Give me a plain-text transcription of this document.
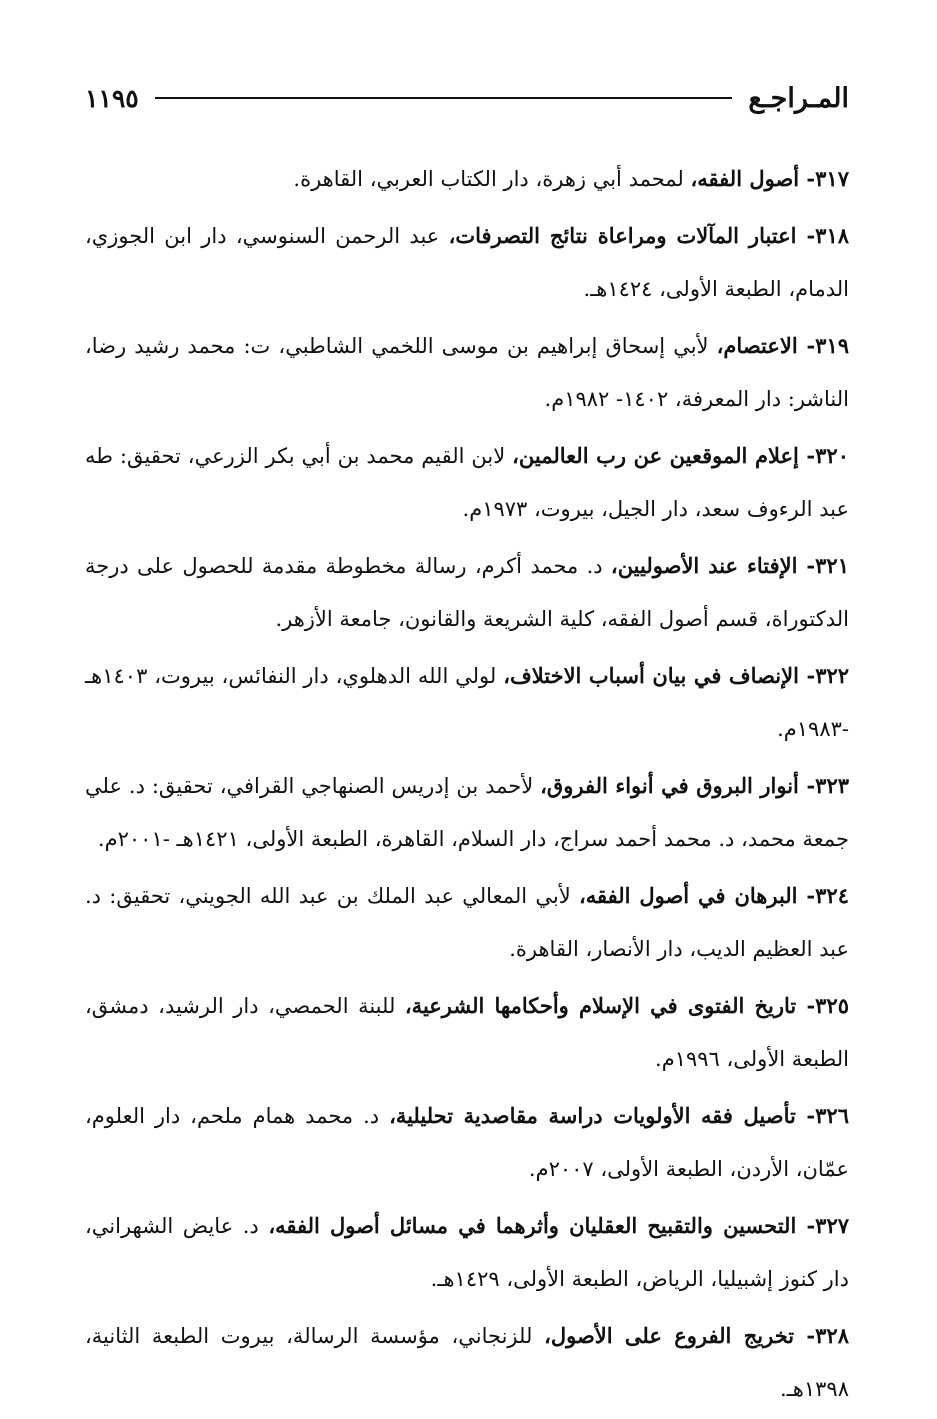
المـراجـع
١١٩٥
٣١٧- أصول الفقه، لمحمد أبي زهرة، دار الكتاب العربي، القاهرة.
٣١٨- اعتبار المآلات ومراعاة نتائج التصرفات، عبد الرحمن السنوسي، دار ابن الجوزي، الدمام، الطبعة الأولى، ١٤٢٤هـ.
٣١٩- الاعتصام، لأبي إسحاق إبراهيم بن موسى اللخمي الشاطبي، ت: محمد رشيد رضا، الناشر: دار المعرفة، ١٤٠٢- ١٩٨٢م.
٣٢٠- إعلام الموقعين عن رب العالمين، لابن القيم محمد بن أبي بكر الزرعي، تحقيق: طه عبد الرءوف سعد، دار الجيل، بيروت، ١٩٧٣م.
٣٢١- الإفتاء عند الأصوليين، د. محمد أكرم، رسالة مخطوطة مقدمة للحصول على درجة الدكتوراة، قسم أصول الفقه، كلية الشريعة والقانون، جامعة الأزهر.
٣٢٢- الإنصاف في بيان أسباب الاختلاف، لولي الله الدهلوي، دار النفائس، بيروت، ١٤٠٣هـ -١٩٨٣م.
٣٢٣- أنوار البروق في أنواء الفروق، لأحمد بن إدريس الصنهاجي القرافي، تحقيق: د. علي جمعة محمد، د. محمد أحمد سراج، دار السلام، القاهرة، الطبعة الأولى، ١٤٢١هـ -٢٠٠١م.
٣٢٤- البرهان في أصول الفقه، لأبي المعالي عبد الملك بن عبد الله الجويني، تحقيق: د. عبد العظيم الديب، دار الأنصار، القاهرة.
٣٢٥- تاريخ الفتوى في الإسلام وأحكامها الشرعية، للبنة الحمصي، دار الرشيد، دمشق، الطبعة الأولى، ١٩٩٦م.
٣٢٦- تأصيل فقه الأولويات دراسة مقاصدية تحليلية، د. محمد همام ملحم، دار العلوم، عمّان، الأردن، الطبعة الأولى، ٢٠٠٧م.
٣٢٧- التحسين والتقبيح العقليان وأثرهما في مسائل أصول الفقه، د. عايض الشهراني، دار كنوز إشبيليا، الرياض، الطبعة الأولى، ١٤٢٩هـ.
٣٢٨- تخريج الفروع على الأصول، للزنجاني، مؤسسة الرسالة، بيروت الطبعة الثانية، ١٣٩٨هـ.
